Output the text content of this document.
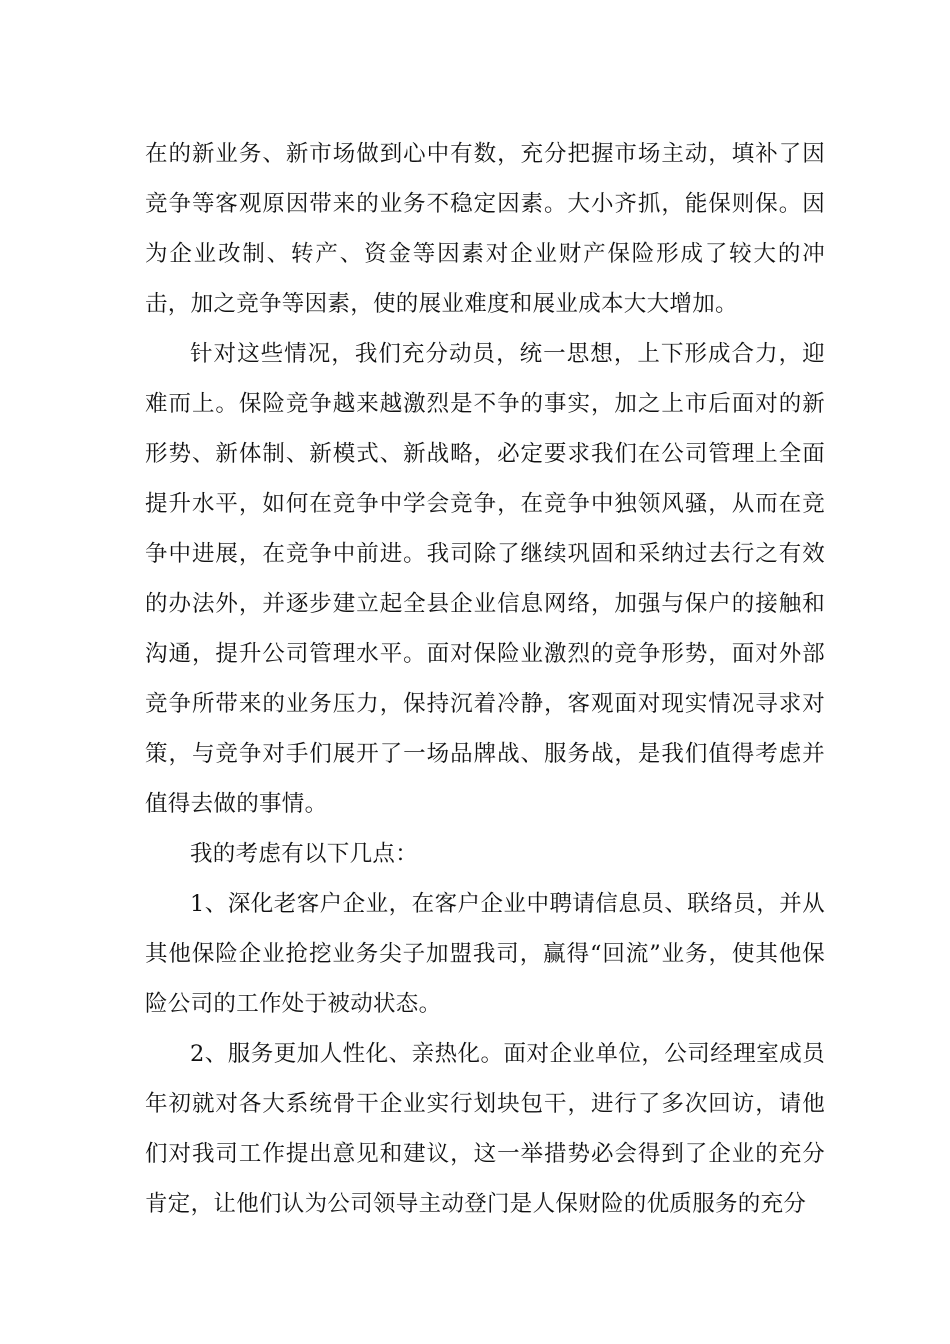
在的新业务、新市场做到心中有数，充分把握市场主动，填补了因竞争等客观原因带来的业务不稳定因素。大小齐抓，能保则保。因为企业改制、转产、资金等因素对企业财产保险形成了较大的冲击，加之竞争等因素，使的展业难度和展业成本大大增加。

针对这些情况，我们充分动员，统一思想，上下形成合力，迎难而上。保险竞争越来越激烈是不争的事实，加之上市后面对的新形势、新体制、新模式、新战略，必定要求我们在公司管理上全面提升水平，如何在竞争中学会竞争，在竞争中独领风骚，从而在竞争中进展，在竞争中前进。我司除了继续巩固和采纳过去行之有效的办法外，并逐步建立起全县企业信息网络，加强与保户的接触和沟通，提升公司管理水平。面对保险业激烈的竞争形势，面对外部竞争所带来的业务压力，保持沉着冷静，客观面对现实情况寻求对策，与竞争对手们展开了一场品牌战、服务战，是我们值得考虑并值得去做的事情。

我的考虑有以下几点：

1、深化老客户企业，在客户企业中聘请信息员、联络员，并从其他保险企业抢挖业务尖子加盟我司，赢得“回流”业务，使其他保险公司的工作处于被动状态。

2、服务更加人性化、亲热化。面对企业单位，公司经理室成员年初就对各大系统骨干企业实行划块包干，进行了多次回访，请他们对我司工作提出意见和建议，这一举措势必会得到了企业的充分肯定，让他们认为公司领导主动登门是人保财险的优质服务的充分
